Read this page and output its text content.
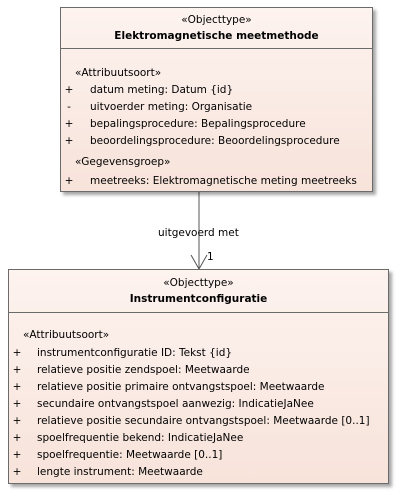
uitgevoerd met
1
«Objecttype»
Elektromagnetische meetmethode
«Attribuutsoort»
+ datum meting: Datum {id}
- uitvoerder meting: Organisatie
+ bepalingsprocedure: Bepalingsprocedure
+ beoordelingsprocedure: Beoordelingsprocedure
«Gegevensgroep»
+ meetreeks: Elektromagnetische meting meetreeks
«Objecttype»
Instrumentconfiguratie
«Attribuutsoort»
+ instrumentconfiguratie ID: Tekst {id}
+ relatieve positie zendspoel: Meetwaarde
+ relatieve positie primaire ontvangstspoel: Meetwaarde
+ secundaire ontvangstspoel aanwezig: IndicatieJaNee
+ relatieve positie secundaire ontvangstspoel: Meetwaarde [0..1]
+ spoelfrequentie bekend: IndicatieJaNee
+ spoelfrequentie: Meetwaarde [0..1]
+ lengte instrument: Meetwaarde
